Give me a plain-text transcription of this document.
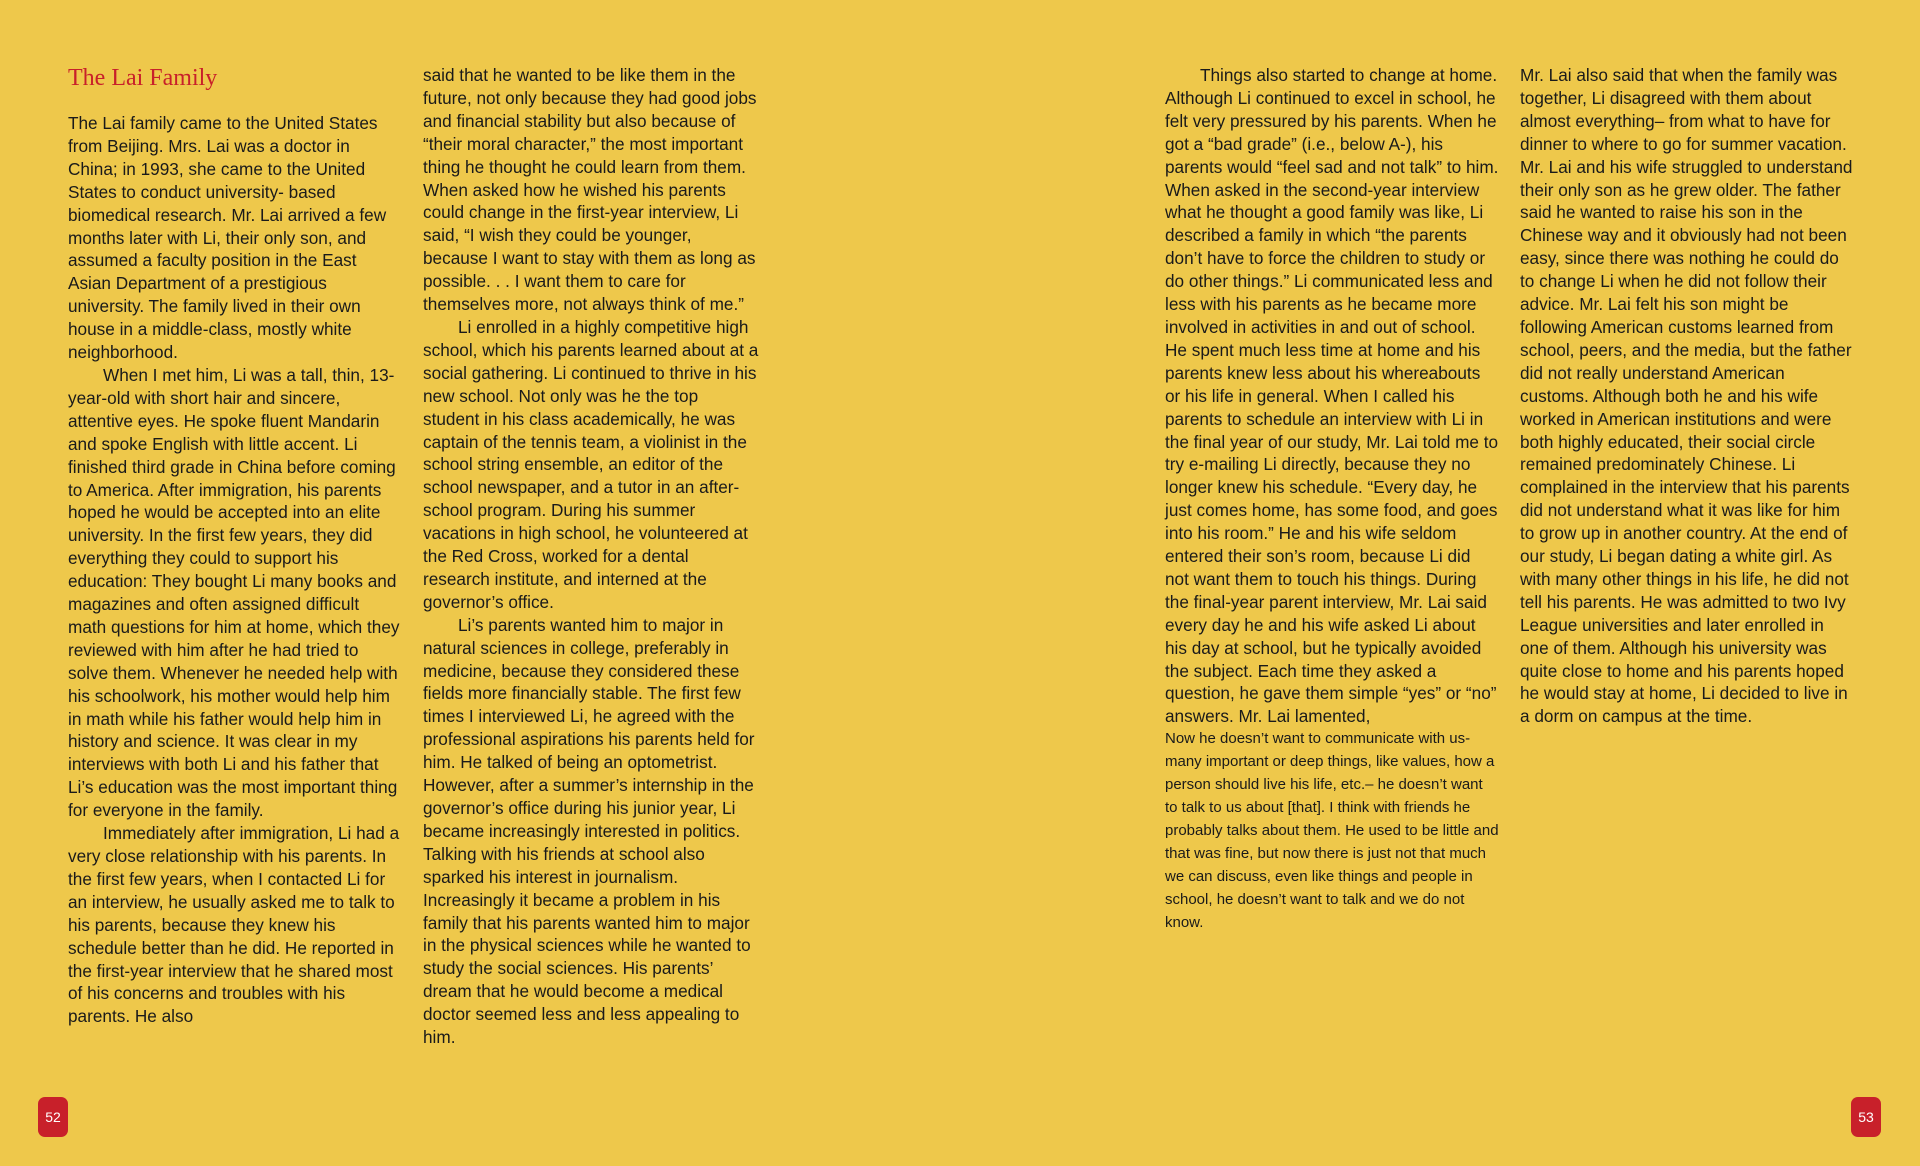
The Lai Family

The Lai family came to the United States from Beijing. Mrs. Lai was a doctor in China; in 1993, she came to the United States to conduct university- based biomedical research. Mr. Lai arrived a few months later with Li, their only son, and assumed a faculty position in the East Asian Department of a prestigious university. The family lived in their own house in a middle-class, mostly white neighborhood.

When I met him, Li was a tall, thin, 13-year-old with short hair and sincere, attentive eyes. He spoke fluent Mandarin and spoke English with little accent. Li finished third grade in China before coming to America. After immigration, his parents hoped he would be accepted into an elite university. In the first few years, they did everything they could to support his education: They bought Li many books and magazines and often assigned difficult math questions for him at home, which they reviewed with him after he had tried to solve them. Whenever he needed help with his schoolwork, his mother would help him in math while his father would help him in history and science. It was clear in my interviews with both Li and his father that Li’s education was the most important thing for everyone in the family.

Immediately after immigration, Li had a very close relationship with his parents. In the first few years, when I contacted Li for an interview, he usually asked me to talk to his parents, because they knew his schedule better than he did. He reported in the first-year interview that he shared most of his concerns and troubles with his parents. He also

said that he wanted to be like them in the future, not only because they had good jobs and financial stability but also because of “their moral character,” the most important thing he thought he could learn from them. When asked how he wished his parents could change in the first-year interview, Li said, “I wish they could be younger, because I want to stay with them as long as possible. . . I want them to care for themselves more, not always think of me.”

Li enrolled in a highly competitive high school, which his parents learned about at a social gathering. Li continued to thrive in his new school. Not only was he the top student in his class academically, he was captain of the tennis team, a violinist in the school string ensemble, an editor of the school newspaper, and a tutor in an after-school program. During his summer vacations in high school, he volunteered at the Red Cross, worked for a dental research institute, and interned at the governor’s office.

Li’s parents wanted him to major in natural sciences in college, preferably in medicine, because they considered these fields more financially stable. The first few times I interviewed Li, he agreed with the professional aspirations his parents held for him. He talked of being an optometrist. However, after a summer’s internship in the governor’s office during his junior year, Li became increasingly interested in politics. Talking with his friends at school also sparked his interest in journalism. Increasingly it became a problem in his family that his parents wanted him to major in the physical sciences while he wanted to study the social sciences. His parents’ dream that he would become a medical doctor seemed less and less appealing to him.

Things also started to change at home. Although Li continued to excel in school, he felt very pressured by his parents. When he got a “bad grade” (i.e., below A-), his parents would “feel sad and not talk” to him. When asked in the second-year interview what he thought a good family was like, Li described a family in which “the parents don’t have to force the children to study or do other things.” Li communicated less and less with his parents as he became more involved in activities in and out of school. He spent much less time at home and his parents knew less about his whereabouts or his life in general. When I called his parents to schedule an interview with Li in the final year of our study, Mr. Lai told me to try e-mailing Li directly, because they no longer knew his schedule. “Every day, he just comes home, has some food, and goes into his room.” He and his wife seldom entered their son’s room, because Li did not want them to touch his things. During the final-year parent interview, Mr. Lai said every day he and his wife asked Li about his day at school, but he typically avoided the subject. Each time they asked a question, he gave them simple “yes” or “no” answers. Mr. Lai lamented,

Now he doesn’t want to communicate with us-many important or deep things, like values, how a person should live his life, etc.– he doesn’t want to talk to us about [that]. I think with friends he probably talks about them. He used to be little and that was fine, but now there is just not that much we can discuss, even like things and people in school, he doesn’t want to talk and we do not know.

Mr. Lai also said that when the family was together, Li disagreed with them about almost everything– from what to have for dinner to where to go for summer vacation. Mr. Lai and his wife struggled to understand their only son as he grew older. The father said he wanted to raise his son in the Chinese way and it obviously had not been easy, since there was nothing he could do to change Li when he did not follow their advice. Mr. Lai felt his son might be following American customs learned from school, peers, and the media, but the father did not really understand American customs. Although both he and his wife worked in American institutions and were both highly educated, their social circle remained predominately Chinese. Li complained in the interview that his parents did not understand what it was like for him to grow up in another country. At the end of our study, Li began dating a white girl. As with many other things in his life, he did not tell his parents. He was admitted to two Ivy League universities and later enrolled in one of them. Although his university was quite close to home and his parents hoped he would stay at home, Li decided to live in a dorm on campus at the time.

52	53
